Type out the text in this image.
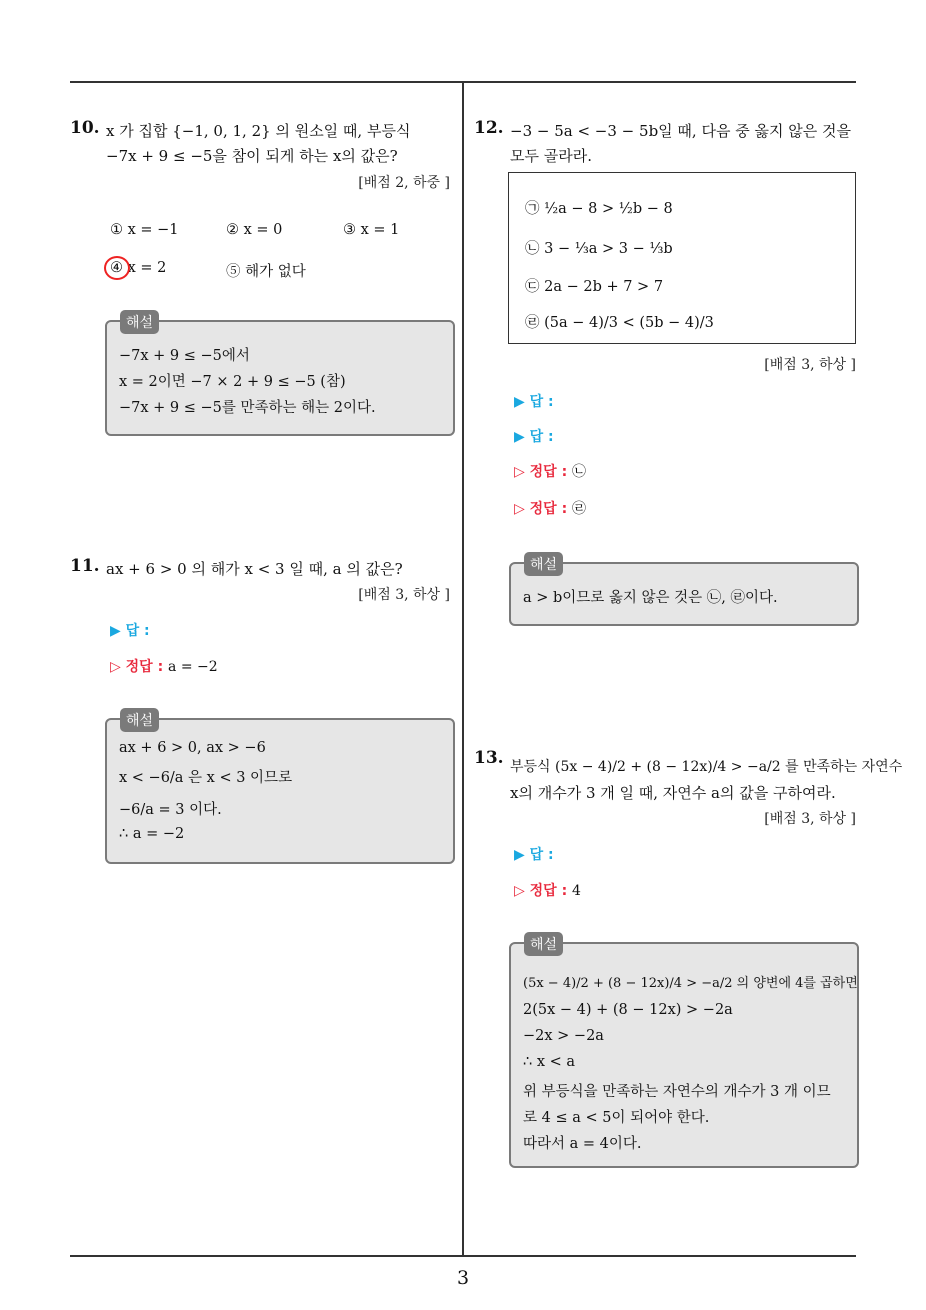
10. x 가 집합 {−1, 0, 1, 2} 의 원소일 때, 부등식
−7x + 9 ≤ −5을 참이 되게 하는 x의 값은?
[배점 2, 하중 ]
① x = −1	② x = 0	③ x = 1
④ x = 2	⑤ 해가 없다
해설
−7x + 9 ≤ −5에서
x = 2이면 −7 × 2 + 9 ≤ −5 (참)
−7x + 9 ≤ −5를 만족하는 해는 2이다.
11. ax + 6 > 0 의 해가 x < 3 일 때, a 의 값은?
[배점 3, 하상 ]
▶ 답 :
▷ 정답 : a = −2
해설
ax + 6 > 0, ax > −6
x < −6/a 은 x < 3 이므로
−6/a = 3 이다.
∴ a = −2
12. −3 − 5a < −3 − 5b일 때, 다음 중 옳지 않은 것을
모두 골라라.
㉠ ½a − 8 > ½b − 8
㉡ 3 − ⅓a > 3 − ⅓b
㉢ 2a − 2b + 7 > 7
㉣ (5a − 4)/3 < (5b − 4)/3
[배점 3, 하상 ]
▶ 답 :
▶ 답 :
▷ 정답 : ㉡
▷ 정답 : ㉣
해설
a > b이므로 옳지 않은 것은 ㉡, ㉣이다.
13. 부등식 (5x − 4)/2 + (8 − 12x)/4 > −a/2 를 만족하는 자연수
x의 개수가 3 개 일 때, 자연수 a의 값을 구하여라.
[배점 3, 하상 ]
▶ 답 :
▷ 정답 : 4
해설
(5x − 4)/2 + (8 − 12x)/4 > −a/2 의 양변에 4를 곱하면
2(5x − 4) + (8 − 12x) > −2a
−2x > −2a
∴ x < a
위 부등식을 만족하는 자연수의 개수가 3 개 이므
로 4 ≤ a < 5이 되어야 한다.
따라서 a = 4이다.
3
